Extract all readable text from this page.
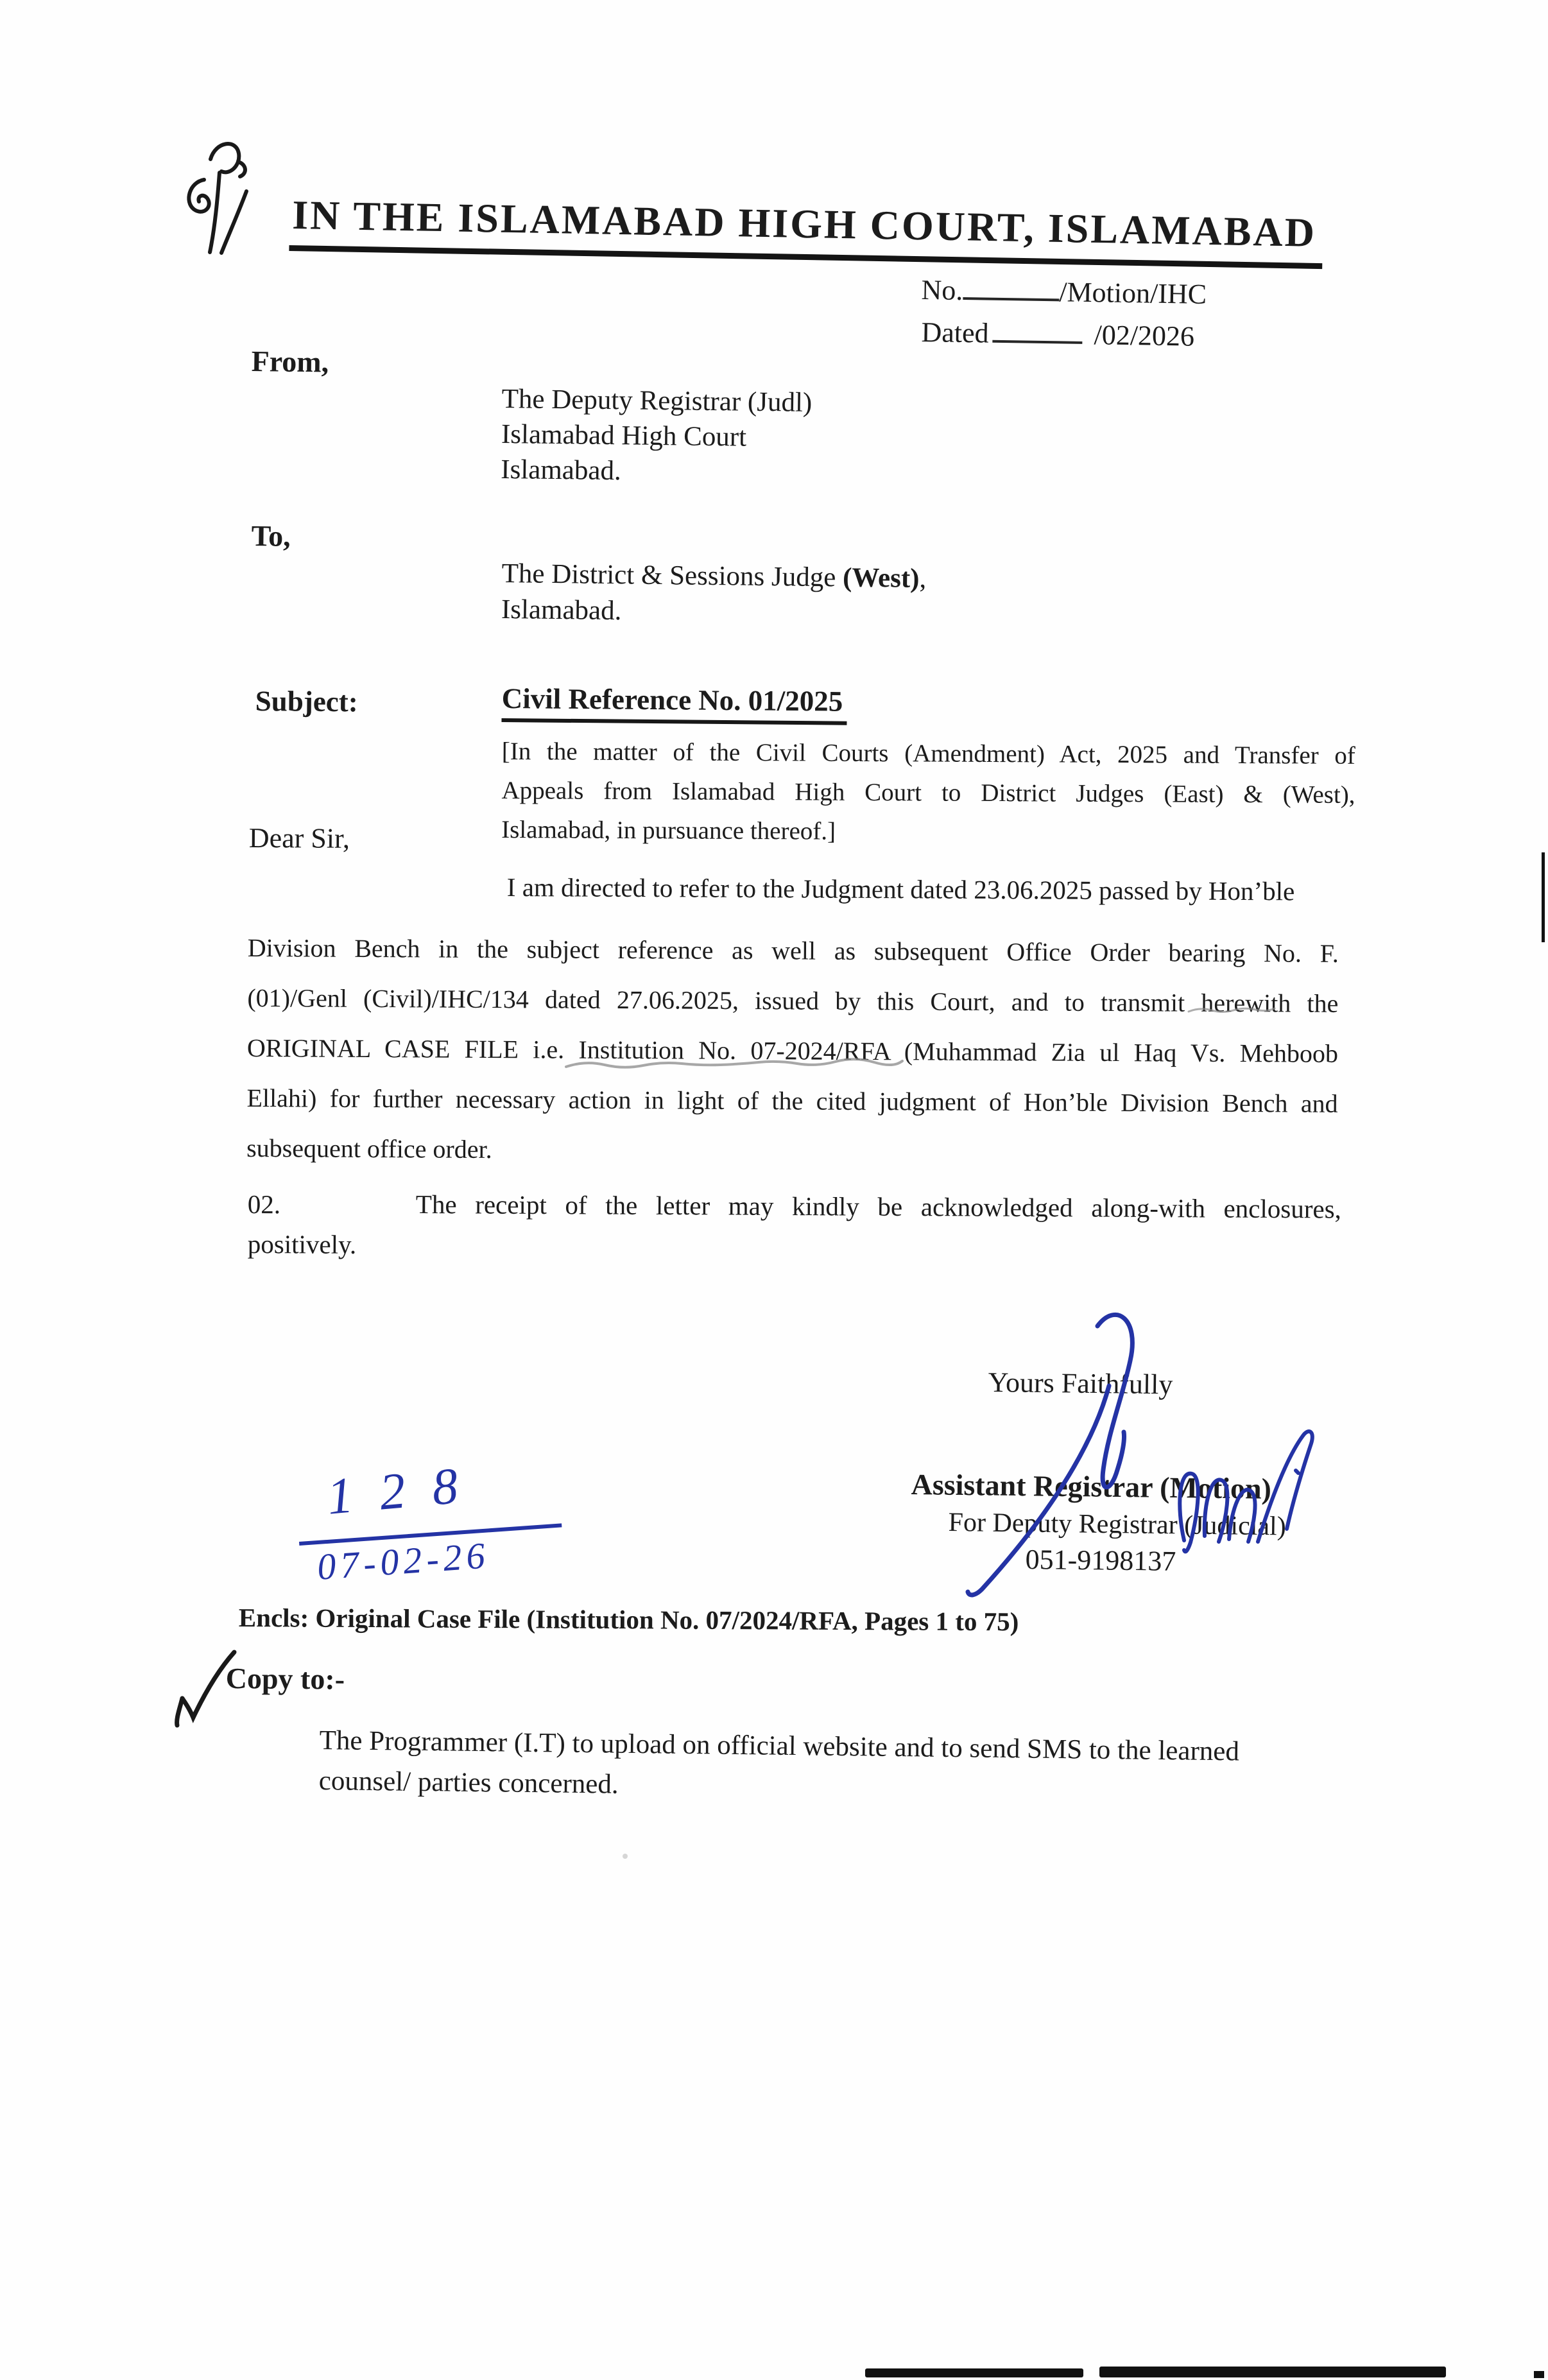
IN THE ISLAMABAD HIGH COURT, ISLAMABAD
No.	/Motion/IHC
Dated	/02/2026
From,
The Deputy Registrar (Judl)
Islamabad High Court
Islamabad.
To,
The District & Sessions Judge (West),
Islamabad.
Subject:	Civil Reference No. 01/2025
[In the matter of the Civil Courts (Amendment) Act, 2025 and Transfer of
Appeals from Islamabad High Court to District Judges (East) & (West),
Islamabad, in pursuance thereof.]
Dear Sir,
I am directed to refer to the Judgment dated 23.06.2025 passed by Hon’ble
Division Bench in the subject reference as well as subsequent Office Order bearing No. F.
(01)/Genl (Civil)/IHC/134 dated 27.06.2025, issued by this Court, and to transmit herewith the
ORIGINAL CASE FILE i.e. Institution No. 07-2024/RFA (Muhammad Zia ul Haq Vs. Mehboob
Ellahi) for further necessary action in light of the cited judgment of Hon’ble Division Bench and
subsequent office order.
02.	The receipt of the letter may kindly be acknowledged along-with enclosures,
positively.
Yours Faithfully
Assistant Registrar (Motion)
For Deputy Registrar (Judicial)
051-9198137
128
07-02-26
Encls: Original Case File (Institution No. 07/2024/RFA, Pages 1 to 75)
Copy to:-
The Programmer (I.T) to upload on official website and to send SMS to the learned
counsel/ parties concerned.
